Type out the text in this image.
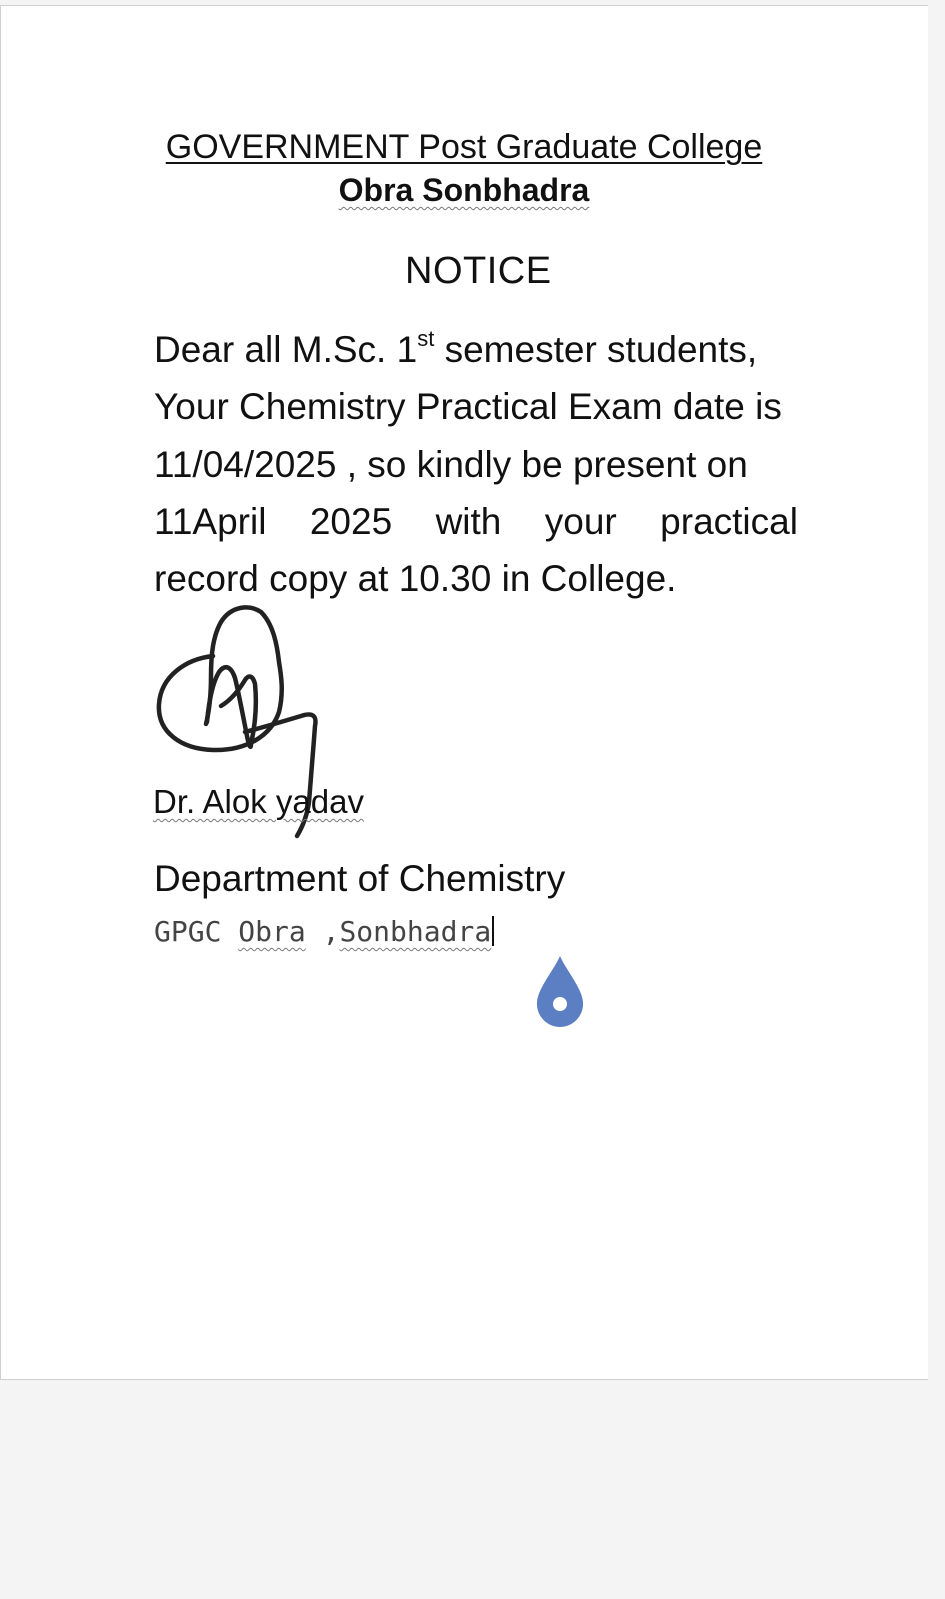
GOVERNMENT Post Graduate College
Obra Sonbhadra
NOTICE
Dear all M.Sc. 1st semester students,
Your Chemistry Practical Exam date is
11/04/2025 , so kindly be present on
11April 2025 with your practical
record copy at 10.30 in College.
Dr. Alok yadav
Department of Chemistry
GPGC Obra ,Sonbhadra
